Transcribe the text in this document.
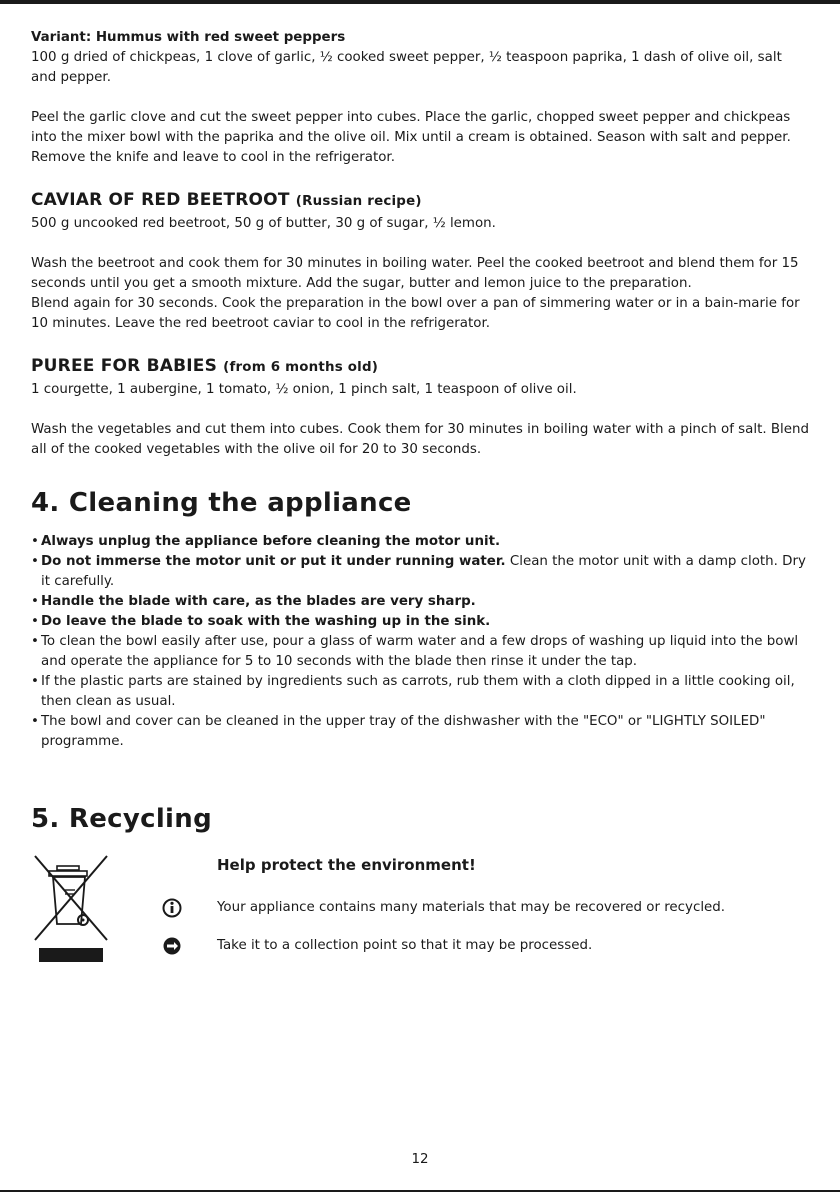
Variant: Hummus with red sweet peppers

100 g dried of chickpeas, 1 clove of garlic, ½ cooked sweet pepper, ½ teaspoon paprika, 1 dash of olive oil, salt and pepper.

Peel the garlic clove and cut the sweet pepper into cubes. Place the garlic, chopped sweet pepper and chickpeas into the mixer bowl with the paprika and the olive oil. Mix until a cream is obtained. Season with salt and pepper. Remove the knife and leave to cool in the refrigerator.

CAVIAR OF RED BEETROOT (Russian recipe)

500 g uncooked red beetroot, 50 g of butter, 30 g of sugar, ½ lemon.

Wash the beetroot and cook them for 30 minutes in boiling water. Peel the cooked beetroot and blend them for 15 seconds until you get a smooth mixture. Add the sugar, butter and lemon juice to the preparation.

Blend again for 30 seconds. Cook the preparation in the bowl over a pan of simmering water or in a bain-marie for 10 minutes. Leave the red beetroot caviar to cool in the refrigerator.

PUREE FOR BABIES (from 6 months old)

1 courgette, 1 aubergine, 1 tomato, ½ onion, 1 pinch salt, 1 teaspoon of olive oil.

Wash the vegetables and cut them into cubes. Cook them for 30 minutes in boiling water with a pinch of salt. Blend all of the cooked vegetables with the olive oil for 20 to 30 seconds.

4. Cleaning the appliance
• Always unplug the appliance before cleaning the motor unit.
• Do not immerse the motor unit or put it under running water. Clean the motor unit with a damp cloth. Dry it carefully.
• Handle the blade with care, as the blades are very sharp.
• Do leave the blade to soak with the washing up in the sink.
• To clean the bowl easily after use, pour a glass of warm water and a few drops of washing up liquid into the bowl and operate the appliance for 5 to 10 seconds with the blade then rinse it under the tap.
• If the plastic parts are stained by ingredients such as carrots, rub them with a cloth dipped in a little cooking oil, then clean as usual.
• The bowl and cover can be cleaned in the upper tray of the dishwasher with the "ECO" or "LIGHTLY SOILED" programme.
5. Recycling
Help protect the environment!
Your appliance contains many materials that may be recovered or recycled.
Take it to a collection point so that it may be processed.
12
